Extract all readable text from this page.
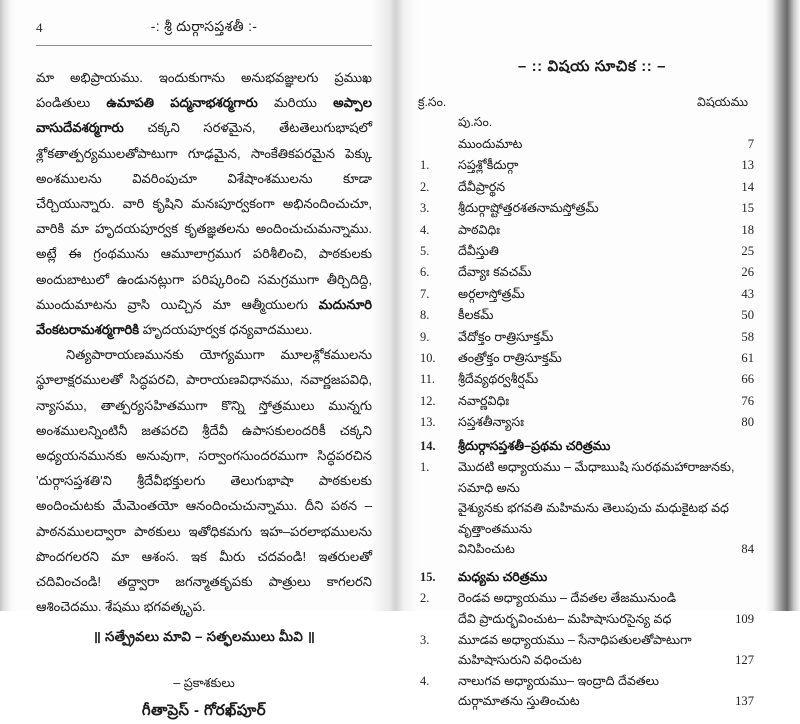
4	-: శ్రీ దుర్గాసప్తశతీ :-

మా అభిప్రాయము. ఇందుకుగాను అనుభవజ్ఞులగు ప్రముఖ పండితులు ఉమాపతి పద్మనాభశర్మగారు మరియు అప్పాల వాసుదేవశర్మగారు చక్కని సరళమైన, తేటతెలుగుభాషలో శ్లోకతాత్పర్యములతోపాటుగా గూఢమైన, సాంకేతికపరమైన పెక్కు అంశములను వివరింపుచూ విశేషాంశములను కూడా చేర్చియున్నారు. వారి కృషిని మనఃపూర్వకంగా అభినందించుచూ, వారికి మా హృదయపూర్వక కృతజ్ఞతలను అందించుచుమన్నాము. అట్లే ఈ గ్రంథమును ఆమూలాగ్రముగ పరిశీలించి, పాఠకులకు అందుబాటులో ఉండునట్లుగా పరిష్కరించి సమగ్రముగా తీర్చిదిద్ది, ముందుమాటను వ్రాసి యిచ్చిన మా ఆత్మీయులగు మదునూరి వేంకటరామశర్మగారికి హృదయపూర్వక ధన్యవాదములు.

నిత్యపారాయణమునకు యోగ్యముగా మూలశ్లోకములను స్థూలాక్షరములతో సిద్ధపరచి, పారాయణవిధానము, నవార్ణజపవిధి, న్యాసము, తాత్పర్యసహితముగా కొన్ని స్తోత్రములు మున్నగు అంశములన్నింటినీ జతపరచి శ్రీదేవీ ఉపాసకులందరికీ చక్కని అధ్యయనమునకు అనువుగా, సర్వాంగసుందరముగా సిద్ధపరచిన 'దుర్గాసప్తశతి'ని శ్రీదేవీభక్తులగు తెలుగుభాషా పాఠకులకు అందించుటకు మేమెంతయో ఆనందించుచున్నాము. దీని పఠన – పాఠనములద్వారా పాఠకులు ఇతోధికమగు ఇహ–పరలాభములను పొందగలరని మా ఆశంస. ఇక మీరు చదవండి! ఇతరులతో చదివించండి! తద్ద్వారా జగన్మాతకృపకు పాత్రులు కాగలరని ఆశించెదము. శేషము భగవత్కృప.

॥ సత్ప్రేవలు మావి – సత్ఫలములు మీవి ॥
– ప్రకాశకులు
గీతాప్రెస్ - గోరఖ్‌పూర్
– :: విషయ సూచిక :: –
క్ర.సం.	విషయము
పు.సం.
ముందుమాట	7
1.	సప్తశ్లోకీదుర్గా	13
2.	దేవీప్రార్థన	14
3.	శ్రీదుర్గాష్టోత్తరశతనామస్తోత్రమ్	15
4.	పాఠవిధిః	18
5.	దేవీస్తుతి	25
6.	దేవ్యాః కవచమ్	26
7.	అర్గలాస్తోత్రమ్	43
8.	కీలకమ్	50
9.	వేదోక్తం రాత్రిసూక్తమ్	58
10.	తంత్రోక్తం రాత్రిసూక్తమ్	61
11.	శ్రీదేవ్యథర్వశీర్షమ్	66
12.	నవార్ణవిధిః	76
13.	సప్తశతీన్యాసః	80
14.	శ్రీదుర్గాసప్తశతీ–ప్రథమ చరిత్రము
1.	మొదటి అధ్యాయము – మేధాఋషి సురథమహారాజునకు, సమాధి అను
వైశ్యునకు భగవతి మహిమను తెలుపుచు మధుకైటభ వధ వృత్తాంతమును
వినిపించుట	84
15.	మధ్యమ చరిత్రము
2.	రెండవ అధ్యాయము – దేవతల తేజమునుండి
దేవి ప్రాదుర్భవించుట– మహిషాసురసైన్య వధ	109
3.	మూడవ అధ్యాయము – సేనాధిపతులతోపాటుగా
మహిషాసురుని వధించుట	127
4.	నాలుగవ అధ్యాయము– ఇంద్రాది దేవతలు
దుర్గామాతను స్తుతించుట	137
